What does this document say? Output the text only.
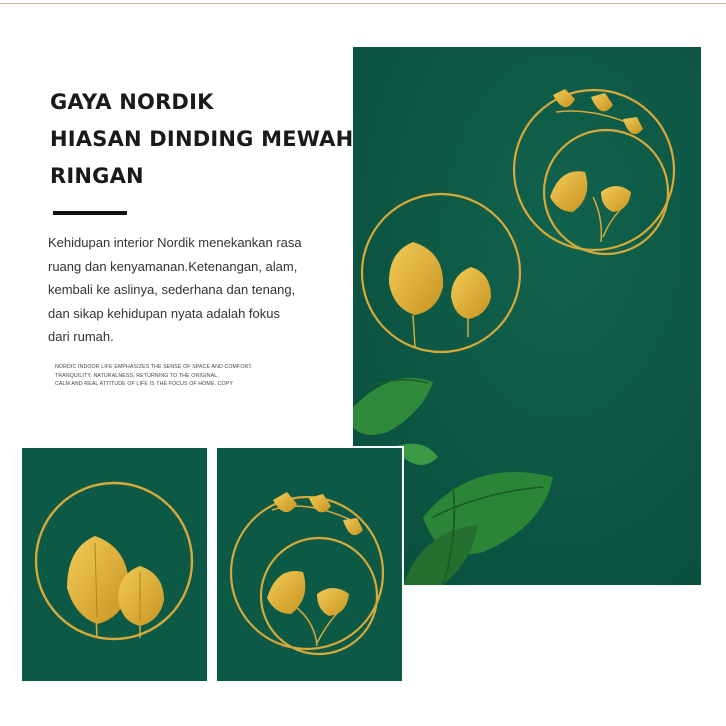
GAYA NORDIK
HIASAN DINDING MEWAH
RINGAN
Kehidupan interior Nordik menekankan rasa
ruang dan kenyamanan.Ketenangan, alam,
kembali ke aslinya, sederhana dan tenang,
dan sikap kehidupan nyata adalah fokus
dari rumah.
NORDIC INDOOR LIFE EMPHASIZES THE SENSE OF SPACE AND COMFORT.
TRANQUILITY, NATURALNESS, RETURNING TO THE ORIGINAL,
CALM AND REAL ATTITUDE OF LIFE IS THE FOCUS OF HOME. COPY
